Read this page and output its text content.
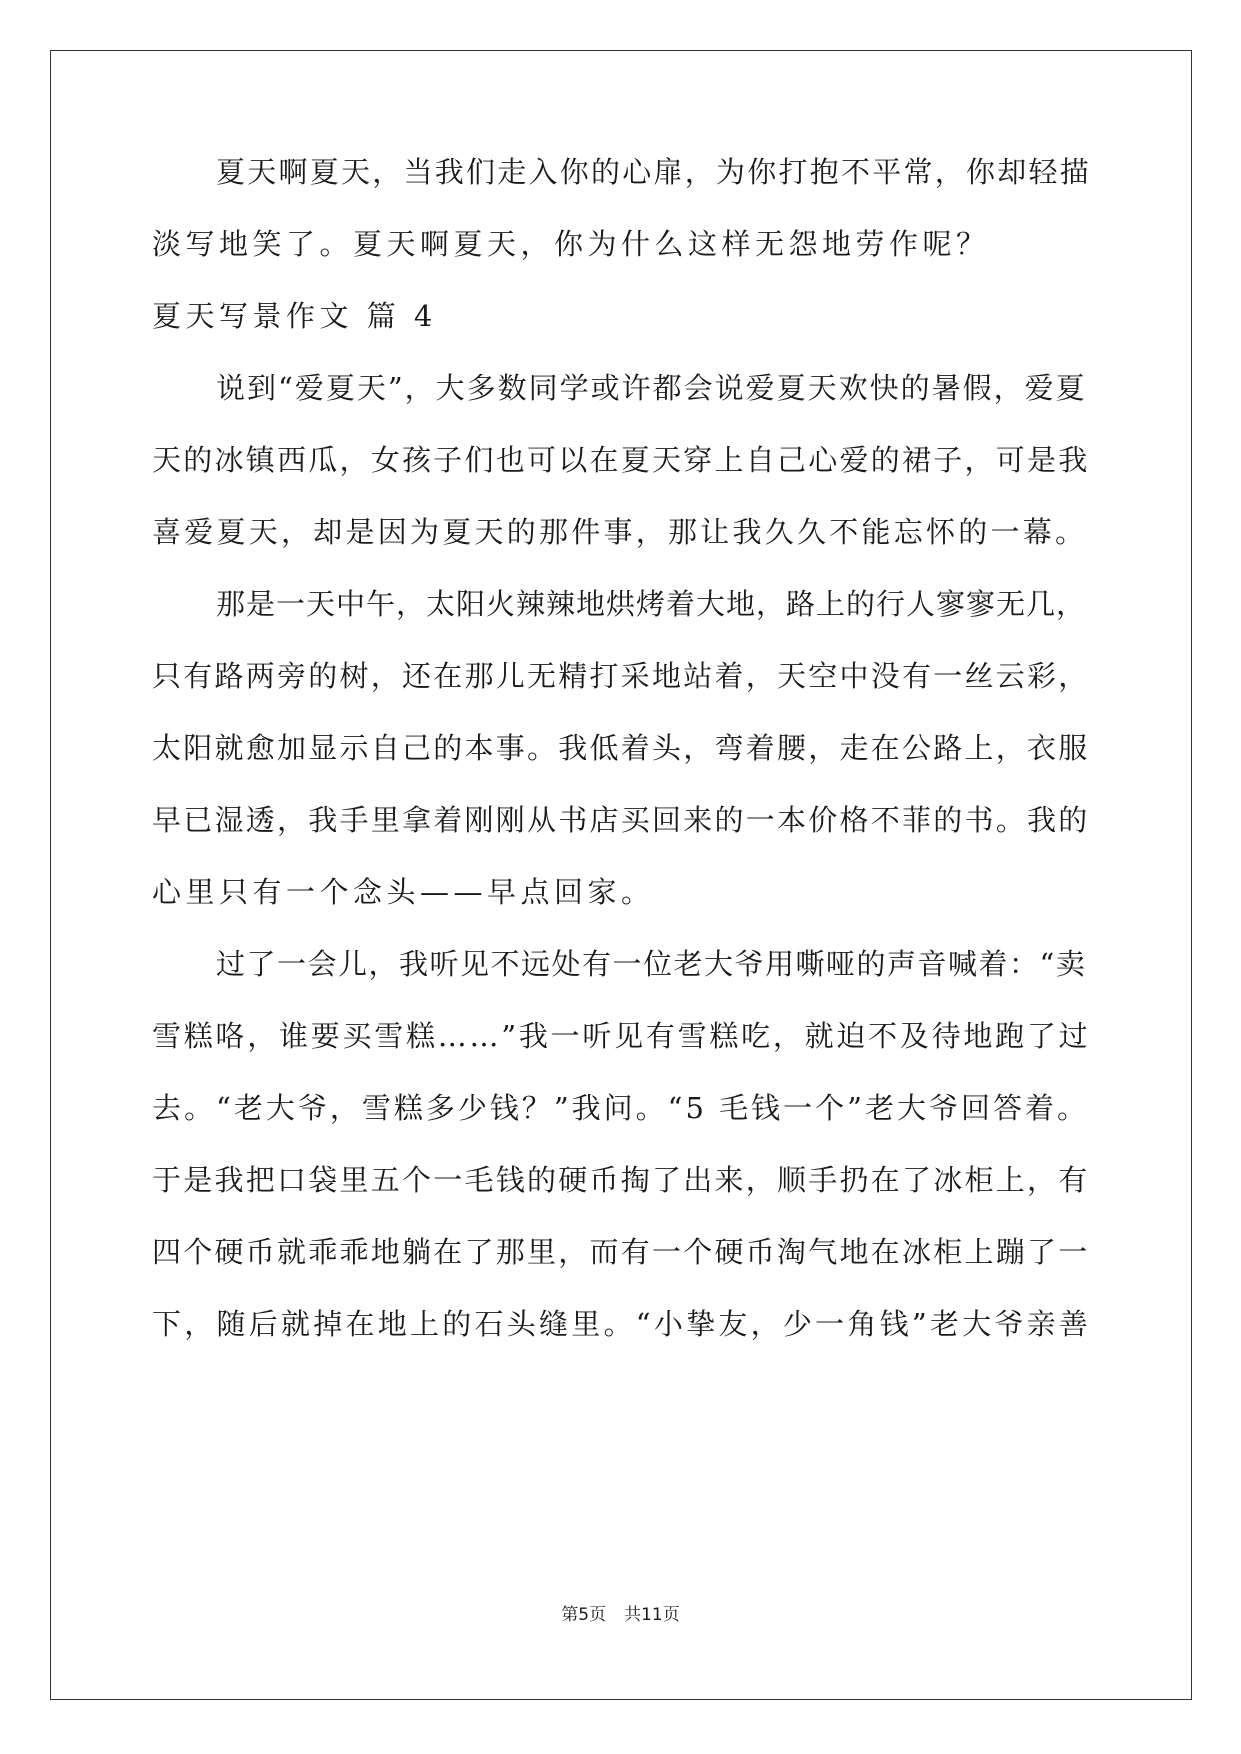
夏天啊夏天，当我们走入你的心扉，为你打抱不平常，你却轻描
淡写地笑了。夏天啊夏天，你为什么这样无怨地劳作呢？
夏天写景作文 篇 4
说到“爱夏天”，大多数同学或许都会说爱夏天欢快的暑假，爱夏
天的冰镇西瓜，女孩子们也可以在夏天穿上自己心爱的裙子，可是我
喜爱夏天，却是因为夏天的那件事，那让我久久不能忘怀的一幕。
那是一天中午，太阳火辣辣地烘烤着大地，路上的行人寥寥无几，
只有路两旁的树，还在那儿无精打采地站着，天空中没有一丝云彩，
太阳就愈加显示自己的本事。我低着头，弯着腰，走在公路上，衣服
早已湿透，我手里拿着刚刚从书店买回来的一本价格不菲的书。我的
心里只有一个念头——早点回家。
过了一会儿，我听见不远处有一位老大爷用嘶哑的声音喊着：“卖
雪糕咯，谁要买雪糕……”我一听见有雪糕吃，就迫不及待地跑了过
去。“老大爷，雪糕多少钱？”我问。“5 毛钱一个”老大爷回答着。
于是我把口袋里五个一毛钱的硬币掏了出来，顺手扔在了冰柜上，有
四个硬币就乖乖地躺在了那里，而有一个硬币淘气地在冰柜上蹦了一
下，随后就掉在地上的石头缝里。“小挚友，少一角钱”老大爷亲善
第5页 共11页
